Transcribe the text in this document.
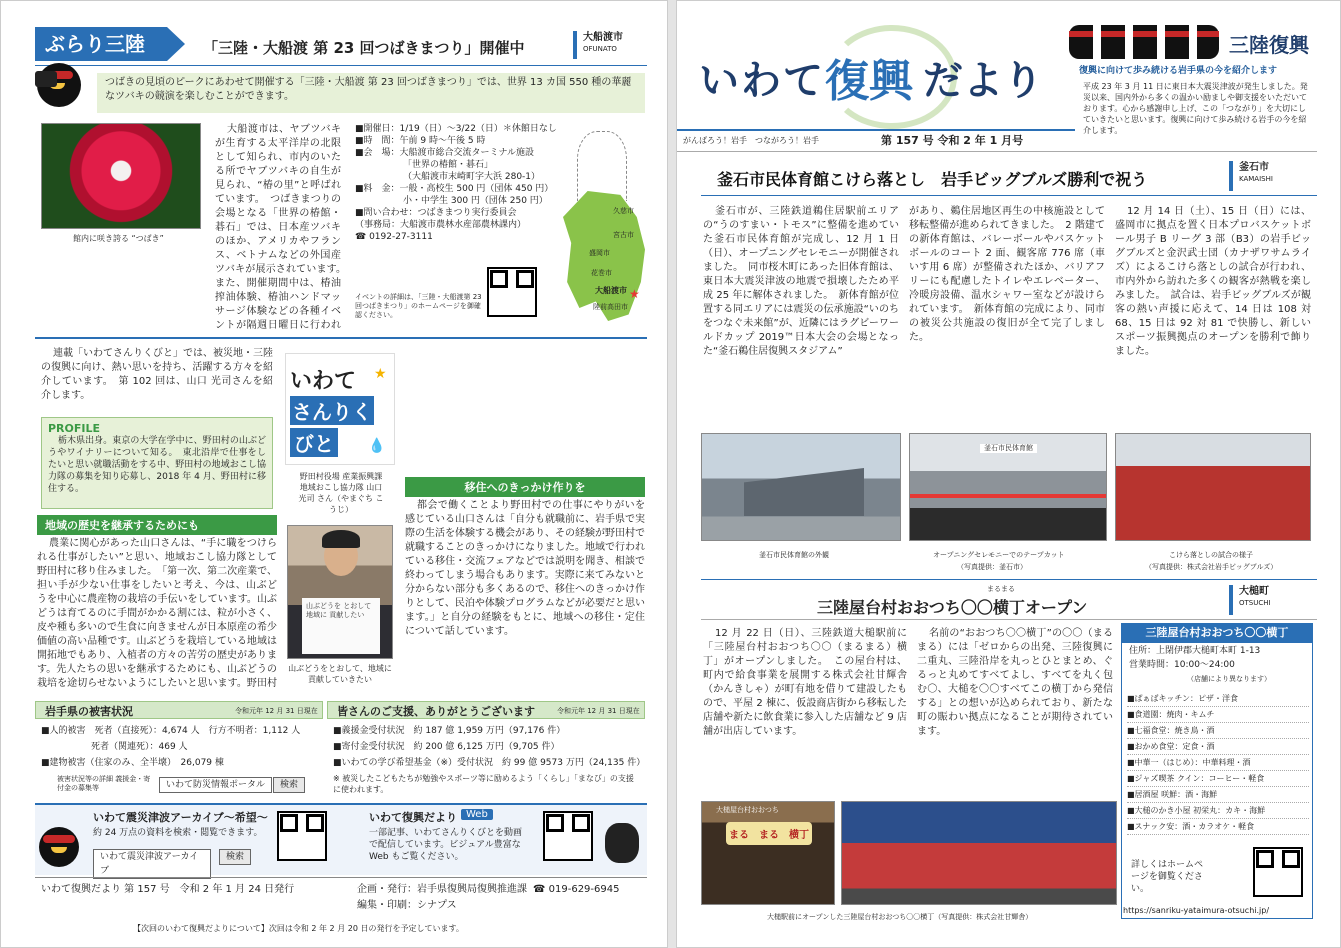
ぶらり三陸	「三陸・大船渡 第 23 回つばきまつり」開催中
大船渡市
OFUNATO
つばきの見頃のピークにあわせて開催する「三陸・大船渡 第 23 回つばきまつり」では、世界 13 カ国 550 種の華麗なツバキの競演を楽しむことができます。
館内に咲き誇る “つばき”
大船渡市は、ヤブツバキが生育する太平洋岸の北限として知られ、市内のいたる所でヤブツバキの自生が見られ、“椿の里”と呼ばれています。　つばきまつりの会場となる「世界の椿館・碁石」では、日本産ツバキのほか、アメリカやフランス、ベトナムなどの外国産ツバキが展示されています。　また、開催期間中は、椿油搾油体験、椿油ハンドマッサージ体験などの各種イベントが隔週日曜日に行われ
■開催日：1/19（日）～3/22（日）＊休館日なし
■時　間：午前 9 時～午後 5 時
■会　場：大船渡市総合交流ターミナル施設
「世界の椿館・碁石」
（大船渡市末崎町字大浜 280-1）
■料　金：一般・高校生 500 円（団体 450 円）
小・中学生 300 円（団体 250 円）
■問い合わせ：つばきまつり実行委員会
（事務局：大船渡市農林水産部農林課内）
☎ 0192-27-3111
イベントの詳細は、「三陸・大船渡第 23 回つばきまつり」のホームページを御確認ください。
久慈市
宮古市
盛岡市
花巻市
大船渡市
陸前高田市
★
連載「いわてさんりくびと」では、被災地・三陸の復興に向け、熱い思いを持ち、活躍する方々を紹介しています。　第 102 回は、山口 光司さんを紹介します。
いわて
さんりく
びと
★
💧
野田村役場 産業振興課 地域おこし協力隊 山口 光司 さん（やまぐち こうじ）
PROFILE
栃木県出身。東京の大学在学中に、野田村の山ぶどうやワイナリーについて知る。　東北沿岸で仕事をしたいと思い就職活動をする中、野田村の地域おこし協力隊の募集を知り応募し、2018 年 4 月、野田村に移住する。
地域の歴史を継承するためにも
農業に関心があった山口さんは、“手に職をつけられる仕事がしたい”と思い、地域おこし協力隊として野田村に移り住みました。　「第一次、第二次産業で、担い手が少ない仕事をしたいと考え、今は、山ぶどうを中心に農産物の栽培の手伝いをしています。山ぶどうは育てるのに手間がかかる割には、粒が小さく、皮や種も多いので生食に向きませんが日本原産の希少価値の高い品種です。山ぶどうを栽培している地域は開拓地でもあり、入植者の方々の苦労の歴史があります。先人たちの思いを継承するためにも、山ぶどうの栽培を途切らせないようにしたいと思います。野田村
山ぶどうを とおして 地域に 貢献したい
山ぶどうをとおして、地域に貢献していきたい
移住へのきっかけ作りを
都会で働くことより野田村での仕事にやりがいを感じている山口さんは「自分も就職前に、岩手県で実際の生活を体験する機会があり、その経験が野田村で就職することのきっかけになりました。地域で行われている移住・交流フェアなどでは説明を聞き、相談で終わってしまう場合もあります。実際に来てみないと分からない部分も多くあるので、移住へのきっかけ作りとして、民泊や体験プログラムなどが必要だと思います。」と自分の経験をもとに、地域への移住・定住について話しています。
岩手県の被害状況	令和元年 12 月 31 日現在
■人的被害　死者（直接死）：4,674 人　行方不明者：1,112 人
死者（関連死）：469 人
■建物被害（住家のみ、全半壊）　26,079 棟
被害状況等の詳細 義援金・寄付金の募集等	いわて防災情報ポータル	検索
皆さんのご支援、ありがとうございます	令和元年 12 月 31 日現在
■義援金受付状況　約 187 億 1,959 万円（97,176 件）
■寄付金受付状況　約 200 億 6,125 万円（9,705 件）
■いわての学び希望基金（※）受付状況　約 99 億 9573 万円（24,135 件）
※ 被災したこどもたちが勉強やスポーツ等に励めるよう「くらし」「まなび」の支援に使われます。
いわて震災津波アーカイブ～希望～
約 24 万点の資料を検索・閲覧できます。
いわて震災津波アーカイブ
検索
いわて復興だより Web
一部記事、いわてさんりくびとを動画で配信しています。ビジュアル豊富な Web もご覧ください。
いわて復興だより 第 157 号　令和 2 年 1 月 24 日発行	企画・発行：岩手県復興局復興推進課 ☎ 019-629-6945
編集・印刷：シナプス
【次回のいわて復興だよりについて】次回は令和 2 年 2 月 20 日の発行を予定しています。
いわて 復興 だより
三陸復興
復興に向けて歩み続ける岩手県の今を紹介します
平成 23 年 3 月 11 日に東日本大震災津波が発生しました。発災以来、国内外から多くの温かい励ましや御支援をいただいております。心から感謝申し上げ、この「つながり」を大切にしていきたいと思います。復興に向けて歩み続ける岩手の今を紹介します。
がんばろう！岩手　つながろう！岩手	第 157 号 令和 2 年 1 月号
釜石市民体育館こけら落とし　岩手ビッグブルズ勝利で祝う
釜石市
KAMAISHI
釜石市が、三陸鉄道鵜住居駅前エリアの“うのすまい・トモス”に整備を進めていた釜石市民体育館が完成し、12 月 1 日（日）、オープニングセレモニーが開催されました。　同市桜木町にあった旧体育館は、東日本大震災津波の地震で損壊したため平成 25 年に解体されました。　新体育館が位置する同エリアには震災の伝承施設“いのちをつなぐ未来館”が、近隣にはラグビーワールドカップ 2019™日本大会の会場となった“釜石鵜住居復興スタジアム”
があり、鵜住居地区再生の中核施設として移転整備が進められてきました。　2 階建ての新体育館は、バレーボールやバスケットボールのコート 2 面、観客席 776 席（車いす用 6 席）が整備されたほか、バリアフリーにも配慮したトイレやエレベーター、冷暖房設備、温水シャワー室などが設けられています。　新体育館の完成により、同市の被災公共施設の復旧が全て完了しました。
12 月 14 日（土）、15 日（日）には、盛岡市に拠点を置く日本プロバスケットボール男子 B リーグ 3 部（B3）の岩手ビッグブルズと金沢武士団（カナザワサムライズ）によるこけら落としの試合が行われ、市内外から訪れた多くの観客が熱戦を楽しみました。　試合は、岩手ビッグブルズが観客の熱い声援に応えて、14 日は 108 対 68、15 日は 92 対 81 で快勝し、新しいスポーツ振興拠点のオープンを勝利で飾りました。
釜石市民体育館の外観
釜石市民体育館
オープニングセレモニーでのテープカット
（写真提供：釜石市）
こけら落としの試合の様子
（写真提供：株式会社岩手ビッグブルズ）
まるまる
三陸屋台村おおつち〇〇横丁オープン
大槌町
OTSUCHI
12 月 22 日（日）、三陸鉄道大槌駅前に「三陸屋台村おおつち〇〇（まるまる）横丁」がオープンしました。　この屋台村は、町内で給食事業を展開する株式会社甘輝舎（かんきしゃ）が町有地を借りて建設したもので、平屋 2 棟に、仮設商店街から移転した店舗や新たに飲食業に参入した店舗など 9 店舗が出店しています。
名前の“おおつち〇〇横丁”の〇〇（まるまる）には「ゼロからの出発、三陸復興に二重丸、三陸沿岸を丸っとひとまとめ、ぐるっと丸めてすべてよし、すべてを丸く包む〇、大槌を〇〇すべてこの横丁から発信する」との想いが込められており、新たな町の賑わい拠点になることが期待されています。
三陸屋台村おおつち〇〇横丁
住所：上閉伊郡大槌町本町 1-13
営業時間：10:00～24:00
（店舗により異なります）
■ぱぁばキッチン：ピザ・洋食
■食道園：焼肉・キムチ
■七福食堂：焼き鳥・酒
■おかめ食堂：定食・酒
■中華一（はじめ）：中華料理・酒
■ジャズ喫茶 クイン：コーヒー・軽食
■居酒屋 咲鮮：酒・海鮮
■大槌のかき小屋 初栄丸：カキ・海鮮
■スナック安：酒・カラオケ・軽食
詳しくはホームページを御覧ください。
https://sanriku-yataimura-otsuchi.jp/
大槌屋台村おおつち
まる　まる　横丁
大槌駅前にオープンした三陸屋台村おおつち〇〇横丁（写真提供：株式会社甘輝舎）
